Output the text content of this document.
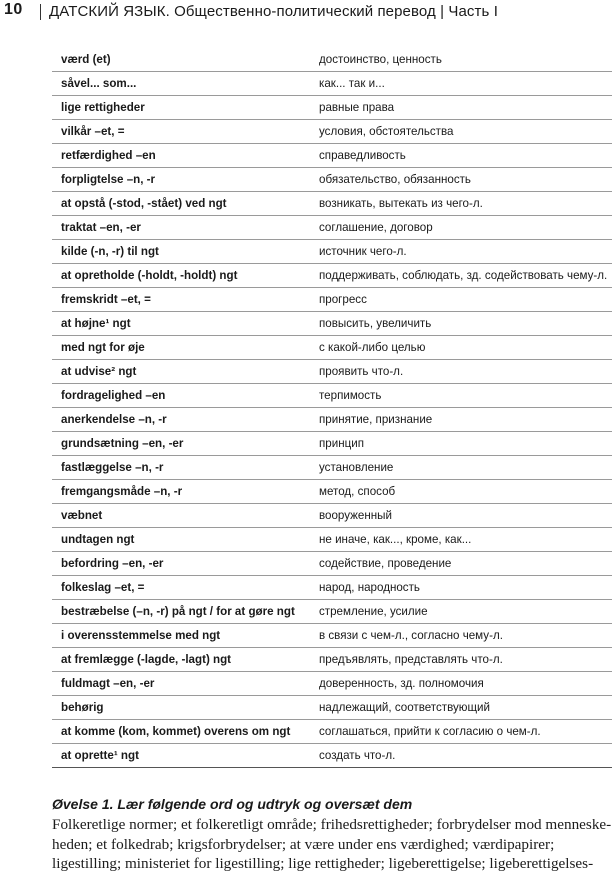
10 ДАТСКИЙ ЯЗЫК. Общественно-политический перевод | Часть I
værd (et)	достоинство, ценность
såvel... som...	как... так и...
lige rettigheder	равные права
vilkår –et, =	условия, обстоятельства
retfærdighed –en	справедливость
forpligtelse –n, -r	обязательство, обязанность
at opstå (-stod, -stået) ved ngt	возникать, вытекать из чего-л.
traktat –en, -er	соглашение, договор
kilde (-n, -r) til ngt	источник чего-л.
at opretholde (-holdt, -holdt) ngt	поддерживать, соблюдать, зд. содействовать чему-л.
fremskridt –et, =	прогресс
at højne¹ ngt	повысить, увеличить
med ngt for øje	с какой-либо целью
at udvise² ngt	проявить что-л.
fordragelighed –en	терпимость
anerkendelse –n, -r	принятие, признание
grundsætning –en, -er	принцип
fastlæggelse –n, -r	установление
fremgangsmåde –n, -r	метод, способ
væbnet	вооруженный
undtagen ngt	не иначе, как..., кроме, как...
befordring –en, -er	содействие, проведение
folkeslag –et, =	народ, народность
bestræbelse (–n, -r) på ngt / for at gøre ngt	стремление, усилие
i overensstemmelse med ngt	в связи с чем-л., согласно чему-л.
at fremlægge (-lagde, -lagt) ngt	предъявлять, представлять что-л.
fuldmagt –en, -er	доверенность, зд. полномочия
behørig	надлежащий, соответствующий
at komme (kom, kommet) overens om ngt	соглашаться, прийти к согласию о чем-л.
at oprette¹ ngt	создать что-л.
Øvelse 1. Lær følgende ord og udtryk og oversæt dem
Folkeretlige normer; et folkeretligt område; frihedsrettigheder; forbrydelser mod menneske-
heden; et folkedrab; krigsforbrydelser; at være under ens værdighed; værdipapirer;
ligestilling; ministeriet for ligestilling; lige rettigheder; ligeberettigelse; ligeberettigelses-
